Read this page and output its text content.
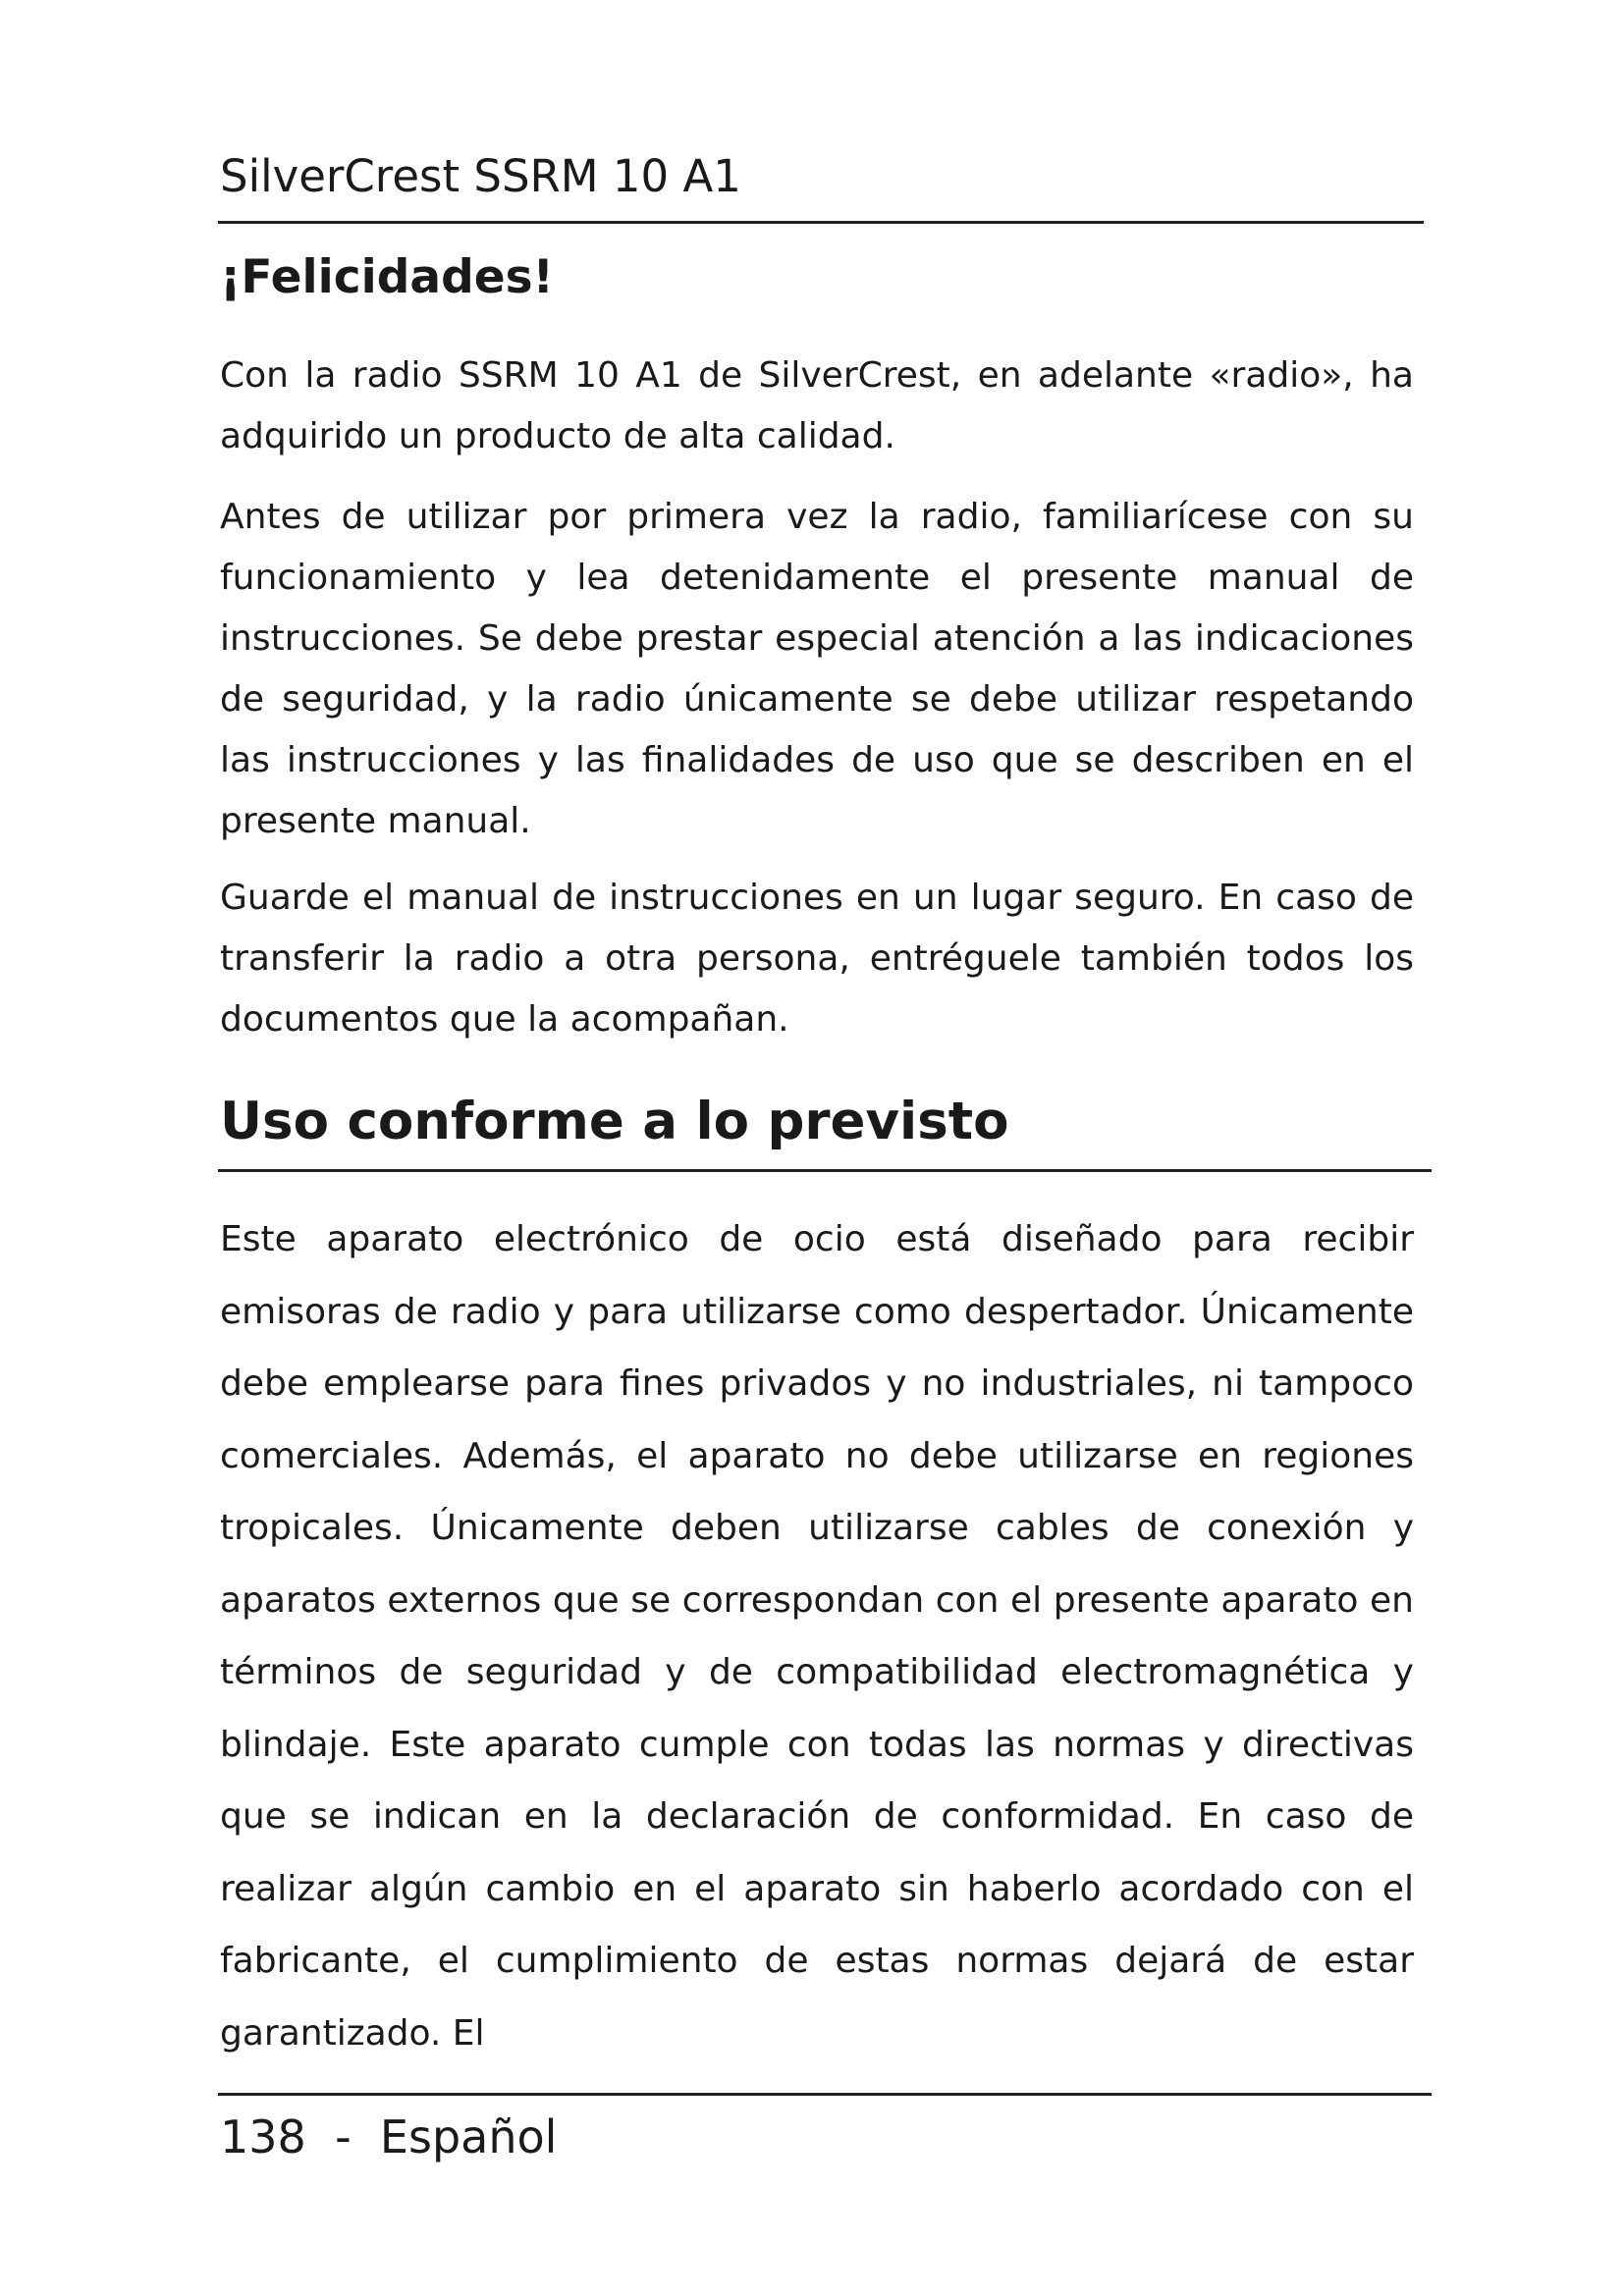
SilverCrest SSRM 10 A1
¡Felicidades!

Con la radio SSRM 10 A1 de SilverCrest, en adelante «radio», ha adquirido un producto de alta calidad.

Antes de utilizar por primera vez la radio, familiarícese con su funcionamiento y lea detenidamente el presente manual de instrucciones. Se debe prestar especial atención a las indicaciones de seguridad, y la radio únicamente se debe utilizar respetando las instrucciones y las finalidades de uso que se describen en el presente manual.

Guarde el manual de instrucciones en un lugar seguro. En caso de transferir la radio a otra persona, entréguele también todos los documentos que la acompañan.

Uso conforme a lo previsto

Este aparato electrónico de ocio está diseñado para recibir emisoras de radio y para utilizarse como despertador. Únicamente debe emplearse para fines privados y no industriales, ni tampoco comerciales. Además, el aparato no debe utilizarse en regiones tropicales. Únicamente deben utilizarse cables de conexión y aparatos externos que se correspondan con el presente aparato en términos de seguridad y de compatibilidad electromagnética y blindaje. Este aparato cumple con todas las normas y directivas que se indican en la declaración de conformidad. En caso de realizar algún cambio en el aparato sin haberlo acordado con el fabricante, el cumplimiento de estas normas dejará de estar garantizado. El

138 - Español
